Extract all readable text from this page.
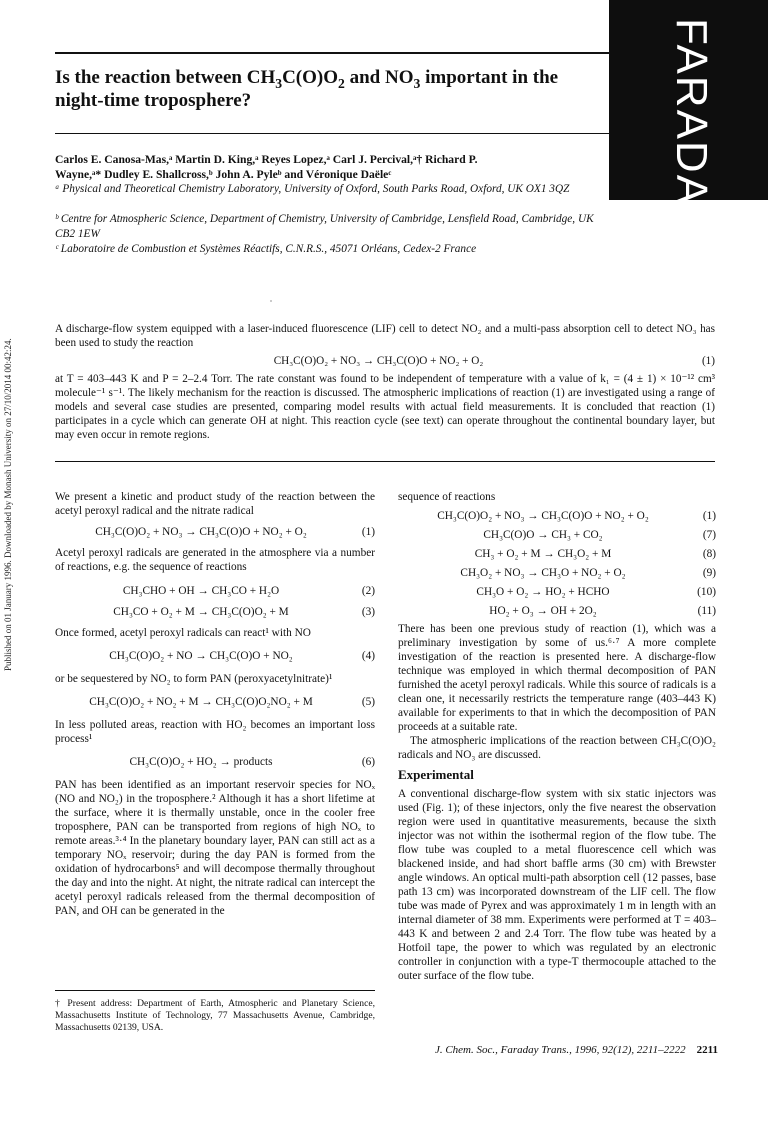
FARADAY
Is the reaction between $CH_3C(O)O_2$ and $NO_3$ important in the
night-time troposphere?
Carlos E. Canosa-Mas,ᵃ Martin D. King,ᵃ Reyes Lopez,ᵃ Carl J. Percival,ᵃ† Richard P.
Wayne,ᵃ* Dudley E. Shallcross,ᵇ John A. Pyleᵇ and Véronique Daëleᶜ
ᵃ Physical and Theoretical Chemistry Laboratory, University of Oxford, South Parks Road, Oxford, UK OX1 3QZ
ᵇ Centre for Atmospheric Science, Department of Chemistry, University of Cambridge, Lensfield Road, Cambridge, UK CB2 1EW
ᶜ Laboratoire de Combustion et Systèmes Réactifs, C.N.R.S., 45071 Orléans, Cedex-2 France
Published on 01 January 1996. Downloaded by Monash University on 27/10/2014 00:42:24.

A discharge-flow system equipped with a laser-induced fluorescence (LIF) cell to detect NO₂ and a multi-pass absorption cell to detect NO₃ has been used to study the reaction

CH₃C(O)O₂ + NO₃ → CH₃C(O)O + NO₂ + O₂	(1)

at T = 403–443 K and P = 2–2.4 Torr. The rate constant was found to be independent of temperature with a value of k₁ = (4 ± 1) × 10⁻¹² cm³ molecule⁻¹ s⁻¹. The likely mechanism for the reaction is discussed. The atmospheric implications of reaction (1) are investigated using a range of models and several case studies are presented, comparing model results with actual field measurements. It is concluded that reaction (1) participates in a cycle which can generate OH at night. This reaction cycle (see text) can operate throughout the continental boundary layer, but may even occur in remote regions.

We present a kinetic and product study of the reaction between the acetyl peroxyl radical and the nitrate radical

CH₃C(O)O₂ + NO₃ → CH₃C(O)O + NO₂ + O₂	(1)

Acetyl peroxyl radicals are generated in the atmosphere via a number of reactions, e.g. the sequence of reactions

CH₃CHO + OH → CH₃CO + H₂O	(2)
CH₃CO + O₂ + M → CH₃C(O)O₂ + M	(3)

Once formed, acetyl peroxyl radicals can react¹ with NO

CH₃C(O)O₂ + NO → CH₃C(O)O + NO₂	(4)

or be sequestered by NO₂ to form PAN (peroxyacetylnitrate)¹

CH₃C(O)O₂ + NO₂ + M → CH₃C(O)O₂NO₂ + M	(5)

In less polluted areas, reaction with HO₂ becomes an important loss process¹

CH₃C(O)O₂ + HO₂ → products	(6)

PAN has been identified as an important reservoir species for NOₓ (NO and NO₂) in the troposphere.² Although it has a short lifetime at the surface, where it is thermally unstable, once in the cooler free troposphere, PAN can be transported from regions of high NOₓ to remote areas.³·⁴ In the planetary boundary layer, PAN can still act as a temporary NOₓ reservoir; during the day PAN is formed from the oxidation of hydrocarbons⁵ and will decompose thermally throughout the day and into the night. At night, the nitrate radical can intercept the acetyl peroxyl radicals released from the thermal decomposition of PAN, and OH can be generated in the

† Present address: Department of Earth, Atmospheric and Planetary Science, Massachusetts Institute of Technology, 77 Massachusetts Avenue, Cambridge, Massachusetts 02139, USA.

sequence of reactions

CH₃C(O)O₂ + NO₃ → CH₃C(O)O + NO₂ + O₂	(1)
CH₃C(O)O → CH₃ + CO₂	(7)
CH₃ + O₂ + M → CH₃O₂ + M	(8)
CH₃O₂ + NO₃ → CH₃O + NO₂ + O₂	(9)
CH₃O + O₂ → HO₂ + HCHO	(10)
HO₂ + O₃ → OH + 2O₂	(11)

There has been one previous study of reaction (1), which was a preliminary investigation by some of us.⁶·⁷ A more complete investigation of the reaction is presented here. A discharge-flow technique was employed in which thermal decomposition of PAN furnished the acetyl peroxyl radicals. While this source of radicals is a clean one, it necessarily restricts the temperature range (403–443 K) available for experiments to that in which the decomposition of PAN proceeds at a suitable rate.

The atmospheric implications of the reaction between CH₃C(O)O₂ radicals and NO₃ are discussed.

Experimental

A conventional discharge-flow system with six static injectors was used (Fig. 1); of these injectors, only the five nearest the observation region were used in quantitative measurements, because the sixth injector was not within the isothermal region of the flow tube. The flow tube was coupled to a metal fluorescence cell which was blackened inside, and had short baffle arms (30 cm) with Brewster angle windows. An optical multi-path absorption cell (12 passes, base path 13 cm) was incorporated downstream of the LIF cell. The flow tube was made of Pyrex and was approximately 1 m in length with an internal diameter of 38 mm. Experiments were performed at T = 403–443 K and between 2 and 2.4 Torr. The flow tube was heated by a Hotfoil tape, the power to which was regulated by an electronic controller in conjunction with a type-T thermocouple attached to the outer surface of the flow tube.

J. Chem. Soc., Faraday Trans., 1996, 92(12), 2211–2222 2211
